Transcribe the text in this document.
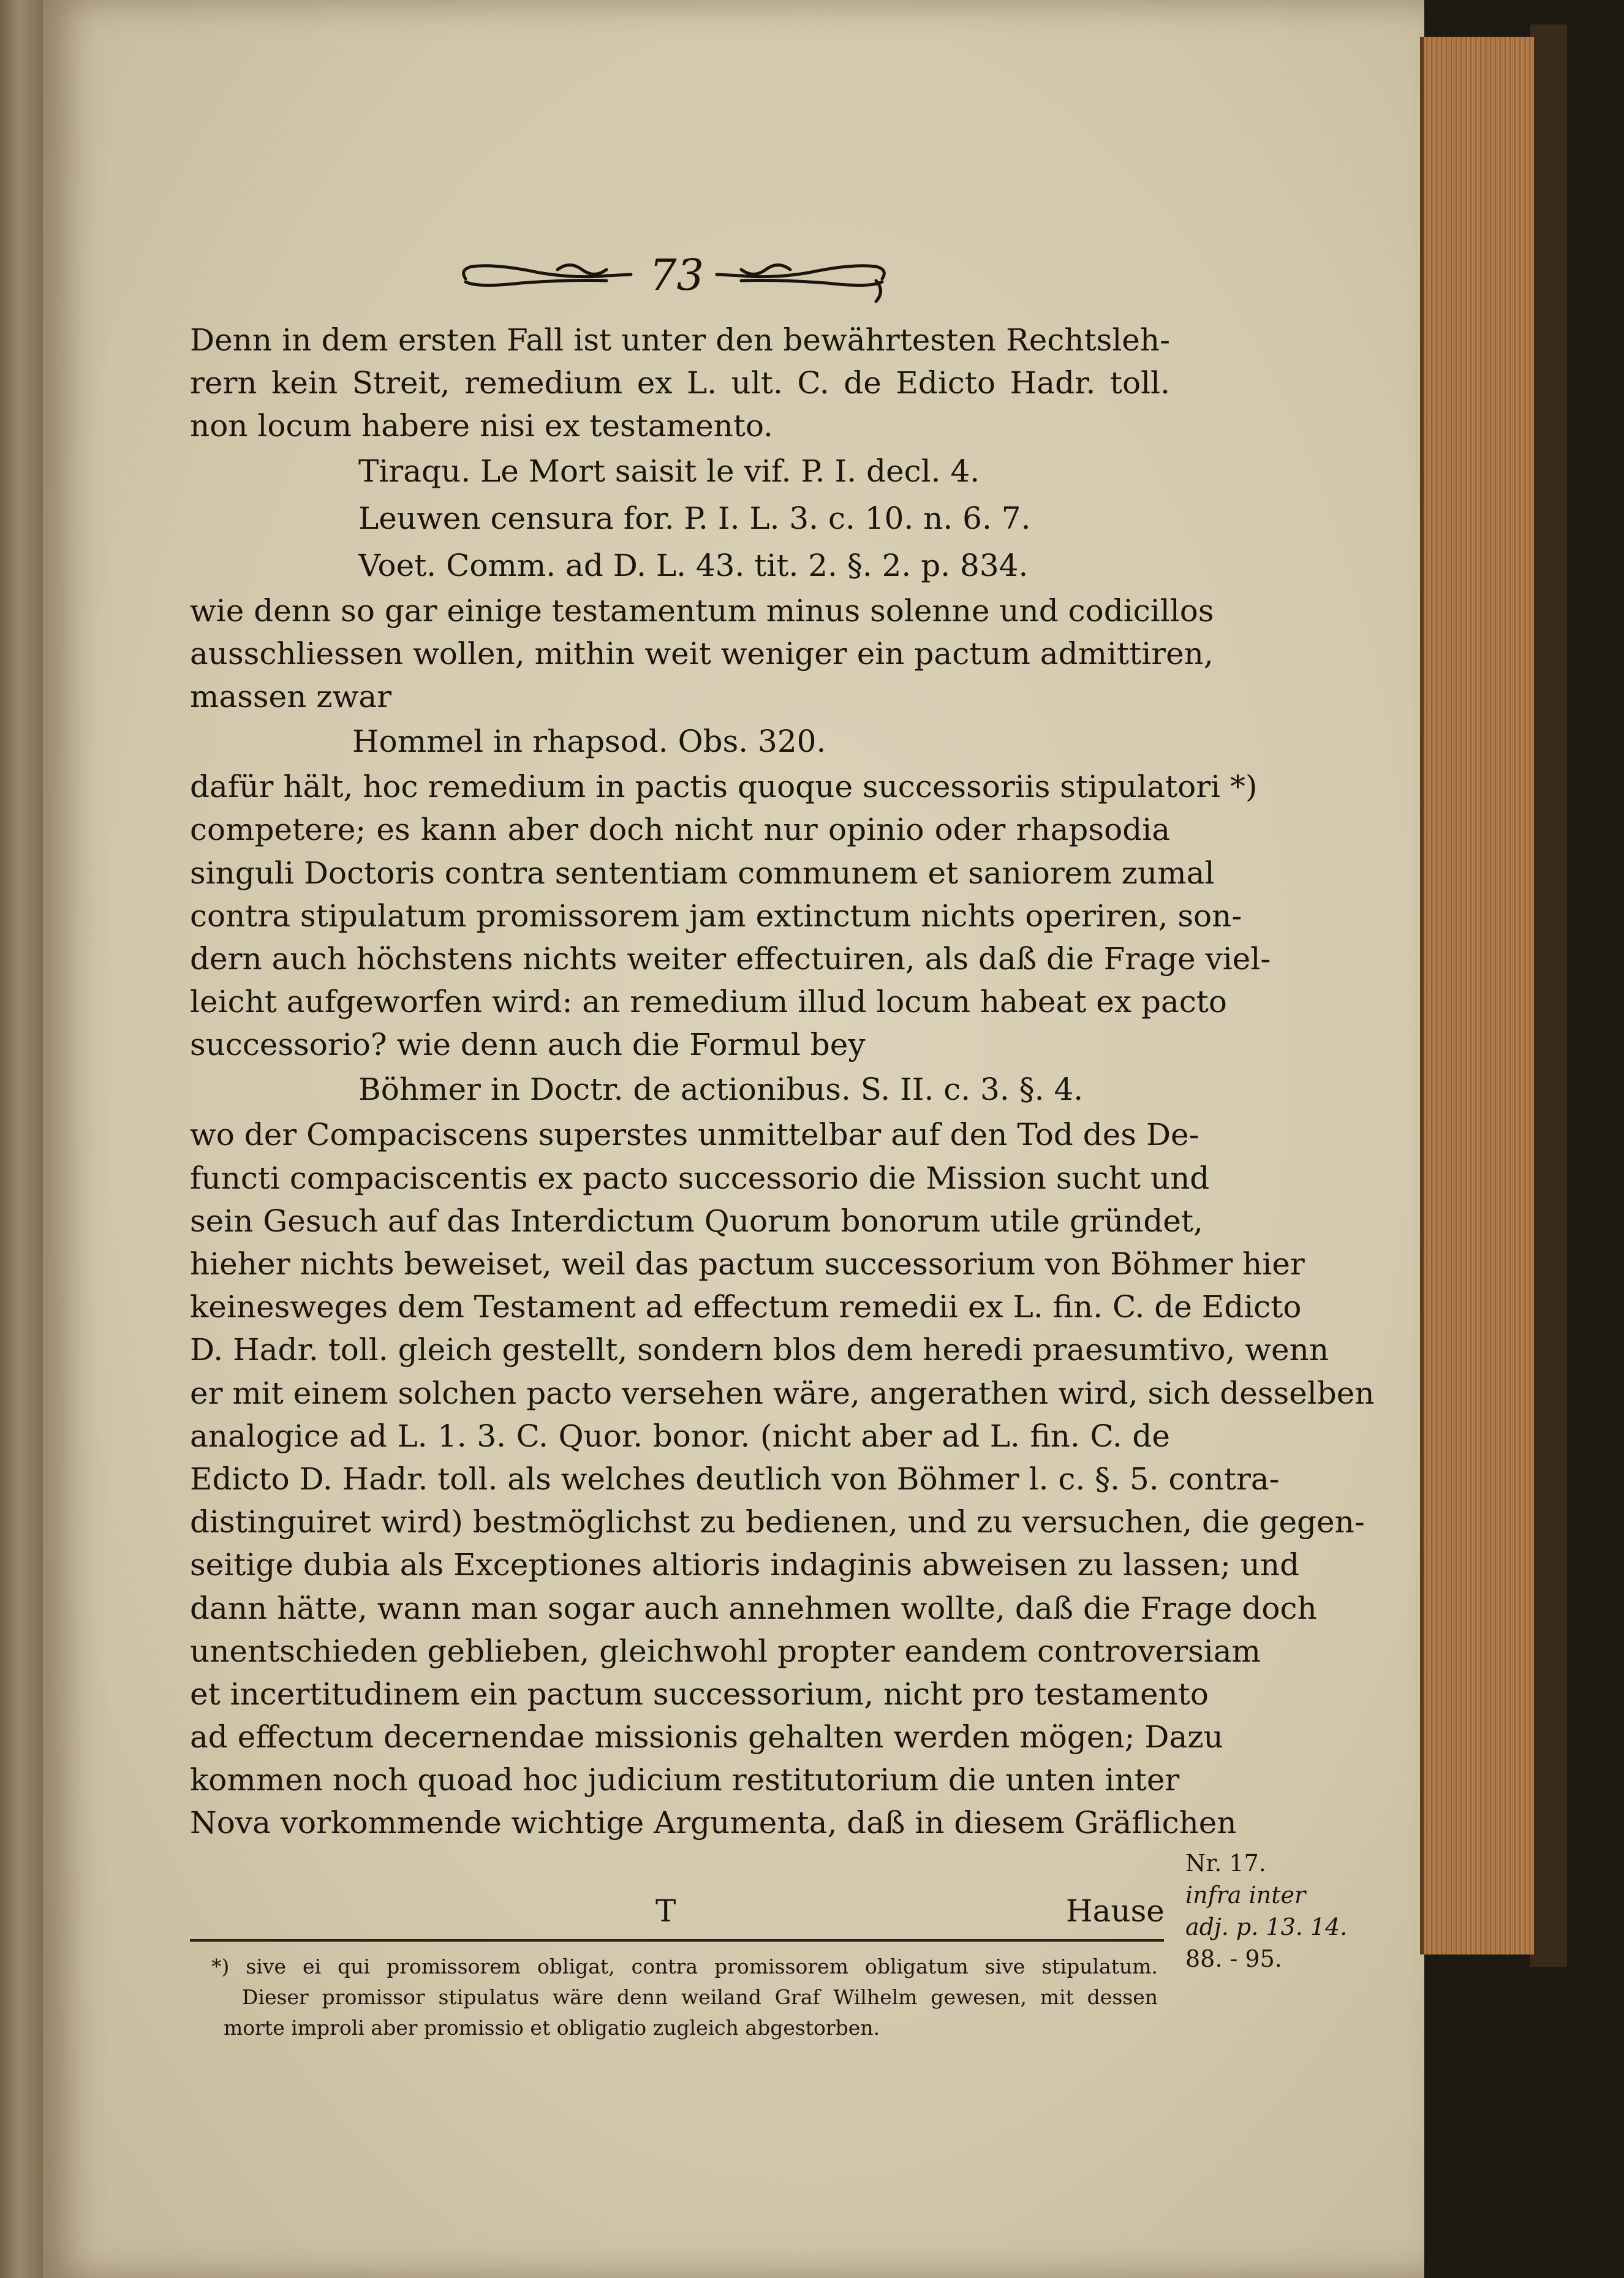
73
Denn in dem ersten Fall ist unter den bewährtesten Rechtsleh-
rern kein Streit, remedium ex L. ult. C. de Edicto Hadr. toll.
non locum habere nisi ex testamento.
Tiraqu. Le Mort saisit le vif. P. I. decl. 4.
Leuwen censura for. P. I. L. 3. c. 10. n. 6. 7.
Voet. Comm. ad D. L. 43. tit. 2. §. 2. p. 834.
wie denn so gar einige testamentum minus solenne und codicillos
ausschliessen wollen, mithin weit weniger ein pactum admittiren,
massen zwar
Hommel in rhapsod. Obs. 320.
dafür hält, hoc remedium in pactis quoque successoriis stipulatori *)
competere; es kann aber doch nicht nur opinio oder rhapsodia
singuli Doctoris contra sententiam communem et saniorem zumal
contra stipulatum promissorem jam extinctum nichts operiren, son-
dern auch höchstens nichts weiter effectuiren, als daß die Frage viel-
leicht aufgeworfen wird: an remedium illud locum habeat ex pacto
successorio? wie denn auch die Formul bey
Böhmer in Doctr. de actionibus. S. II. c. 3. §. 4.
wo der Compaciscens superstes unmittelbar auf den Tod des De-
functi compaciscentis ex pacto successorio die Mission sucht und
sein Gesuch auf das Interdictum Quorum bonorum utile gründet,
hieher nichts beweiset, weil das pactum successorium von Böhmer hier
keinesweges dem Testament ad effectum remedii ex L. fin. C. de Edicto
D. Hadr. toll. gleich gestellt, sondern blos dem heredi praesumtivo, wenn
er mit einem solchen pacto versehen wäre, angerathen wird, sich desselben
analogice ad L. 1. 3. C. Quor. bonor. (nicht aber ad L. fin. C. de
Edicto D. Hadr. toll. als welches deutlich von Böhmer l. c. §. 5. contra-
distinguiret wird) bestmöglichst zu bedienen, und zu versuchen, die gegen-
seitige dubia als Exceptiones altioris indaginis abweisen zu lassen; und
dann hätte, wann man sogar auch annehmen wollte, daß die Frage doch
unentschieden geblieben, gleichwohl propter eandem controversiam
et incertitudinem ein pactum successorium, nicht pro testamento
ad effectum decernendae missionis gehalten werden mögen; Dazu
kommen noch quoad hoc judicium restitutorium die unten inter
Nova vorkommende wichtige Argumenta, daß in diesem Gräflichen
T	Hause
Nr. 17.
infra inter
adj. p. 13. 14.
88. - 95.
*) sive ei qui promissorem obligat, contra promissorem obligatum sive stipulatum.
Dieser promissor stipulatus wäre denn weiland Graf Wilhelm gewesen, mit dessen
morte improli aber promissio et obligatio zugleich abgestorben.
